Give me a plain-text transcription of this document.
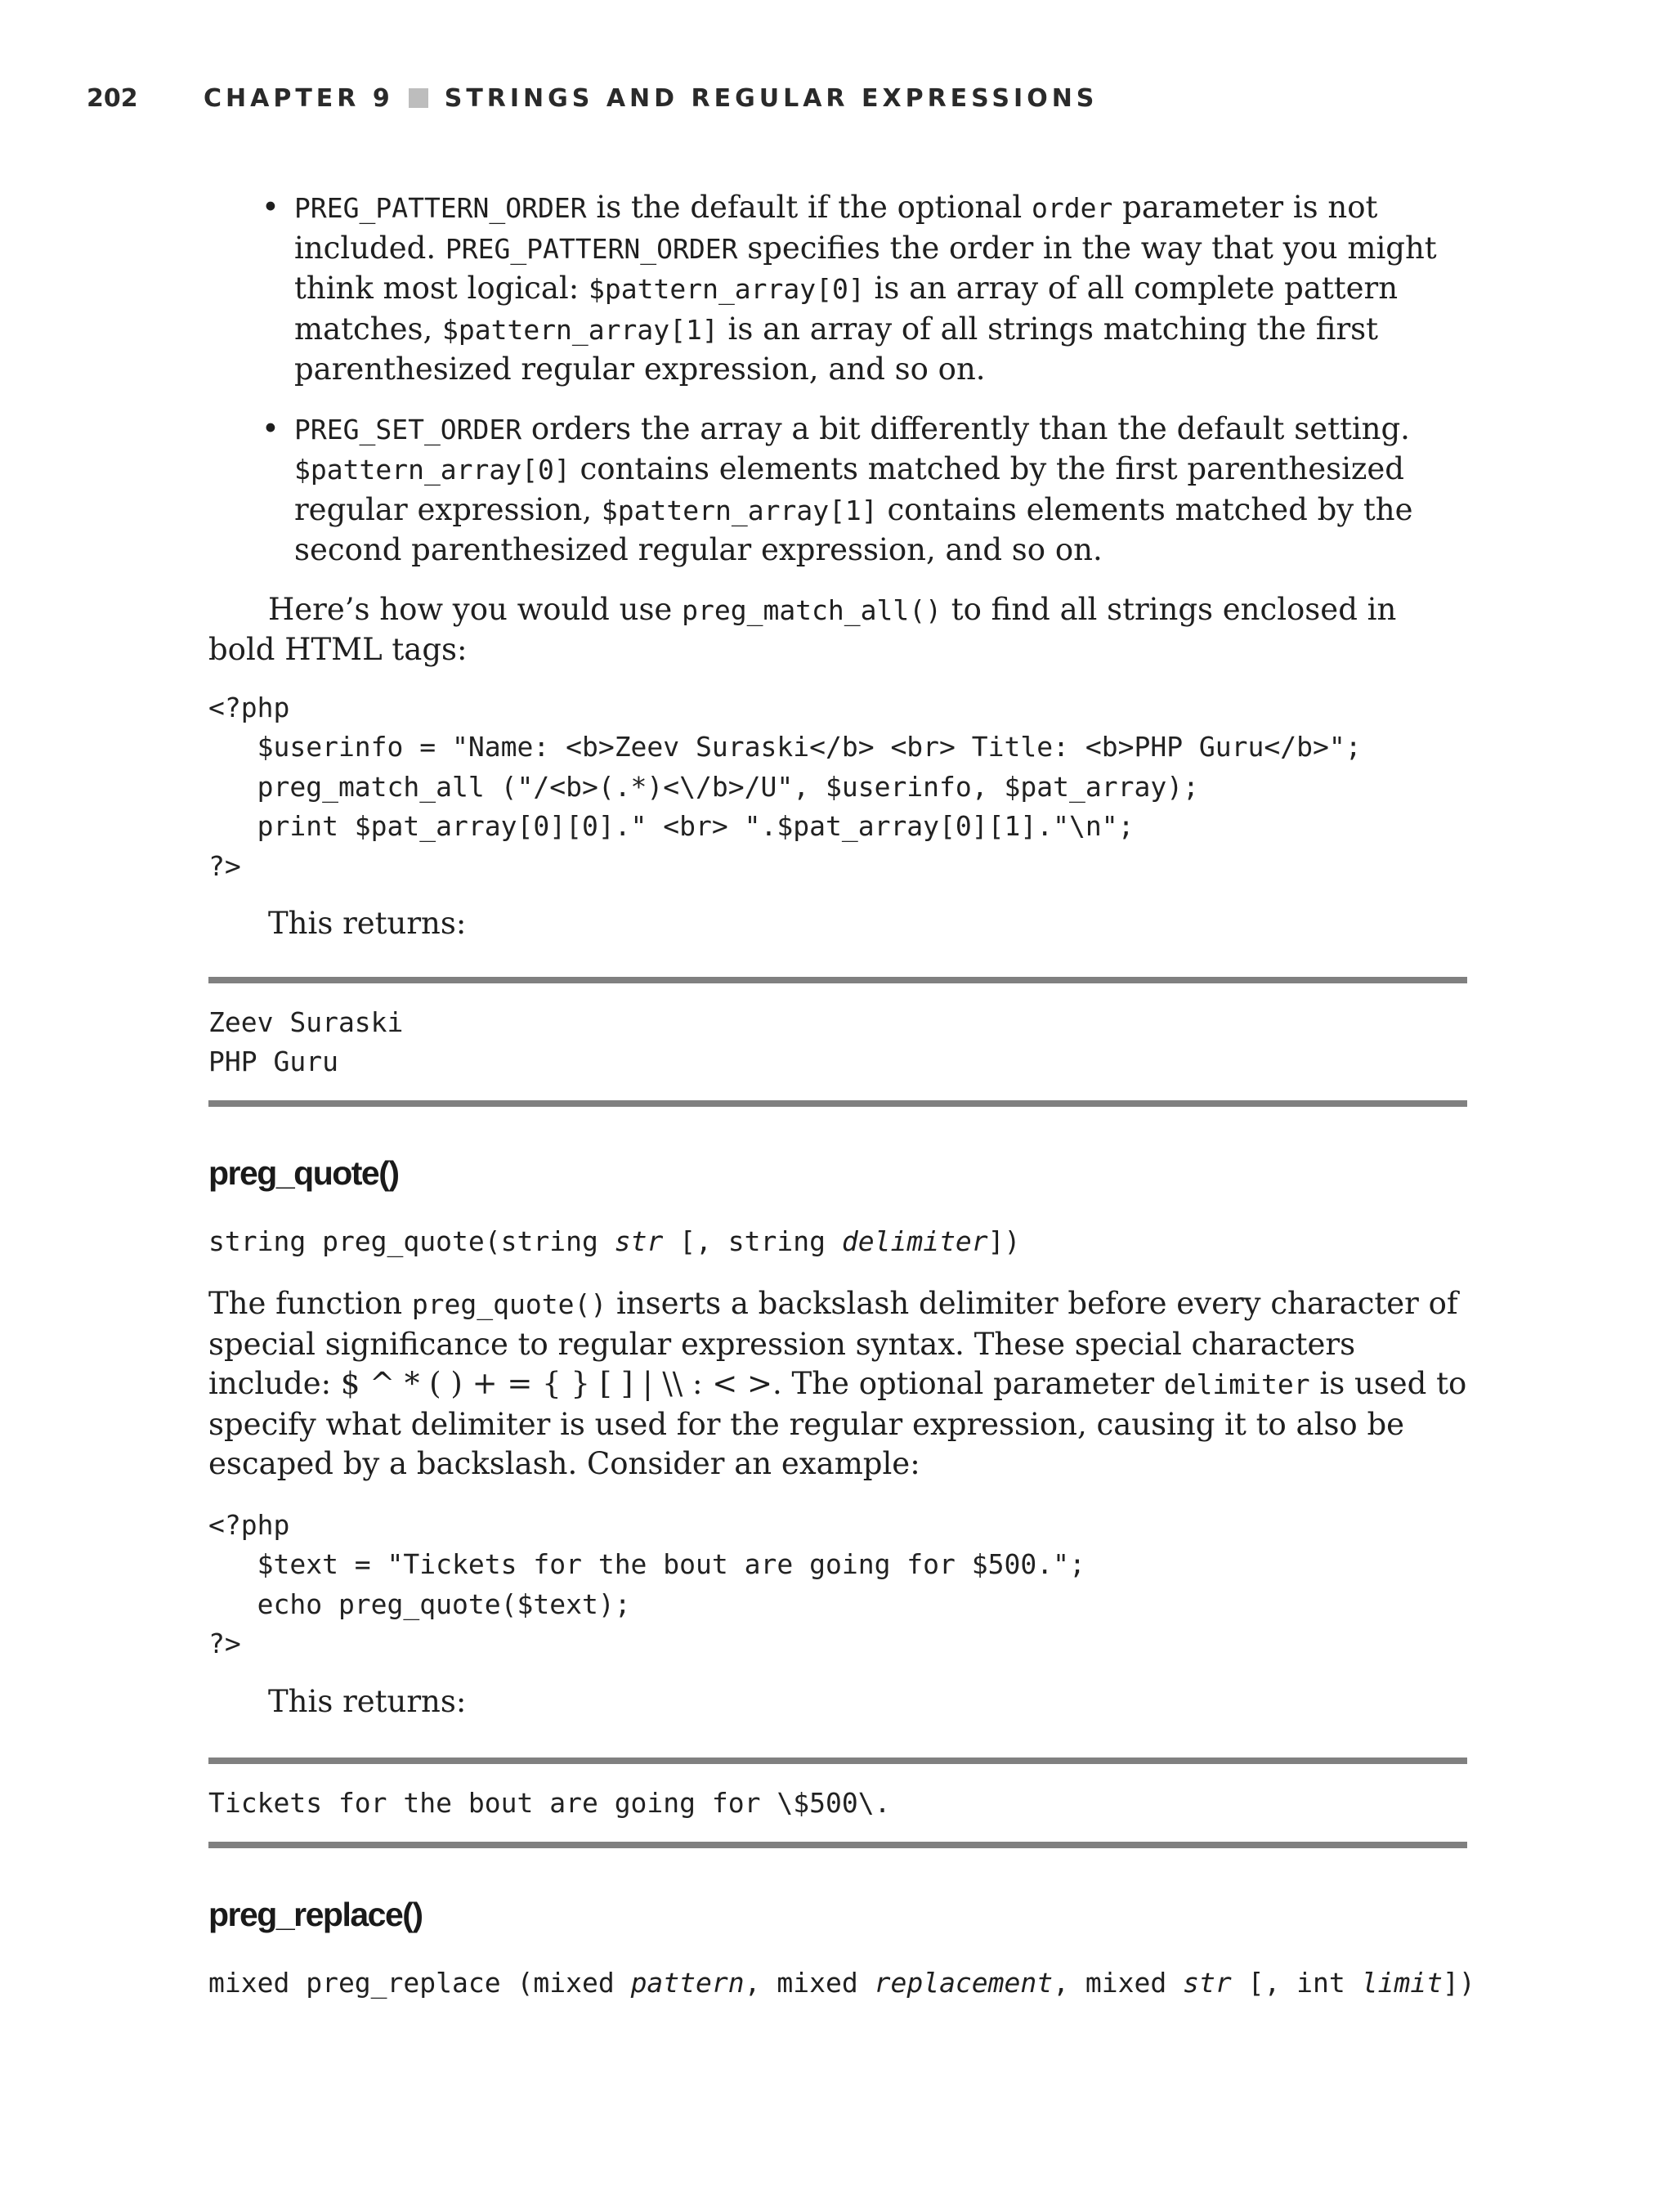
202	CHAPTER 9 STRINGS AND REGULAR EXPRESSIONS
• PREG_PATTERN_ORDER is the default if the optional order parameter is not included. PREG_PATTERN_ORDER specifies the order in the way that you might think most logical: $pattern_array[0] is an array of all complete pattern matches, $pattern_array[1] is an array of all strings matching the first parenthesized regular expression, and so on.
• PREG_SET_ORDER orders the array a bit differently than the default setting. $pattern_array[0] contains elements matched by the first parenthesized regular expression, $pattern_array[1] contains elements matched by the second parenthesized regular expression, and so on.

Here’s how you would use preg_match_all() to find all strings enclosed in bold HTML tags:

<?php
$userinfo = "Name: <b>Zeev Suraski</b> <br> Title: <b>PHP Guru</b>";
preg_match_all ("/<b>(.*)<\/b>/U", $userinfo, $pat_array);
print $pat_array[0][0]." <br> ".$pat_array[0][1]."\n";
?>

This returns:

Zeev Suraski
PHP Guru
preg_quote()

string preg_quote(string str [, string delimiter])

The function preg_quote() inserts a backslash delimiter before every character of special significance to regular expression syntax. These special characters include: $ ^ * ( ) + = { } [ ] | \\ : < >. The optional parameter delimiter is used to specify what delimiter is used for the regular expression, causing it to also be escaped by a backslash. Consider an example:

<?php
$text = "Tickets for the bout are going for $500.";
echo preg_quote($text);
?>

This returns:

Tickets for the bout are going for \$500\.
preg_replace()

mixed preg_replace (mixed pattern, mixed replacement, mixed str [, int limit])
